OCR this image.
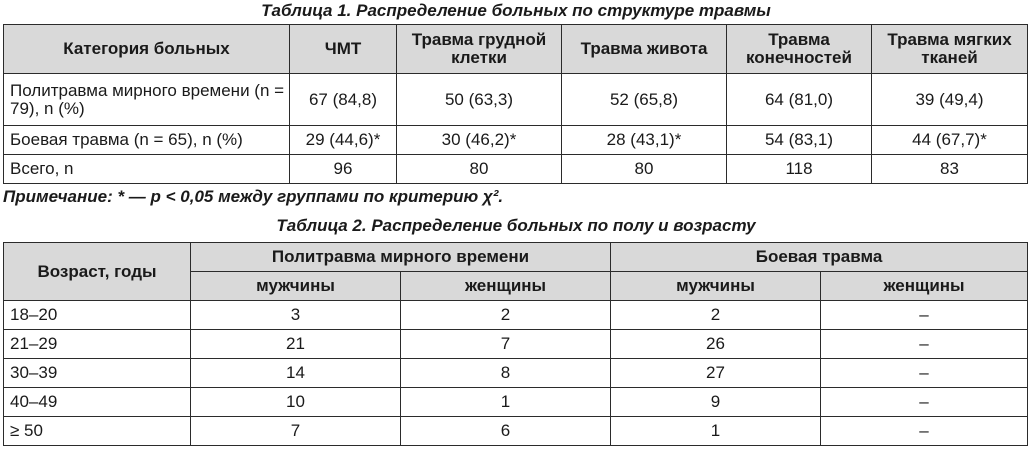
Таблица 1. Распределение больных по структуре травмы
Категория больных	ЧМТ	Травма грудной клетки	Травма живота	Травма конечностей	Травма мягких тканей
Политравма мирного времени (n = 79), n (%)	67 (84,8)	50 (63,3)	52 (65,8)	64 (81,0)	39 (49,4)
Боевая травма (n = 65), n (%)	29 (44,6)*	30 (46,2)*	28 (43,1)*	54 (83,1)	44 (67,7)*
Всего, n	96	80	80	118	83
Примечание: * — p < 0,05 между группами по критерию χ².
Таблица 2. Распределение больных по полу и возрасту
Возраст, годы	Политравма мирного времени		Боевая травма	
	мужчины	женщины	мужчины	женщины
18–20	3	2	2	–
21–29	21	7	26	–
30–39	14	8	27	–
40–49	10	1	9	–
≥ 50	7	6	1	–
